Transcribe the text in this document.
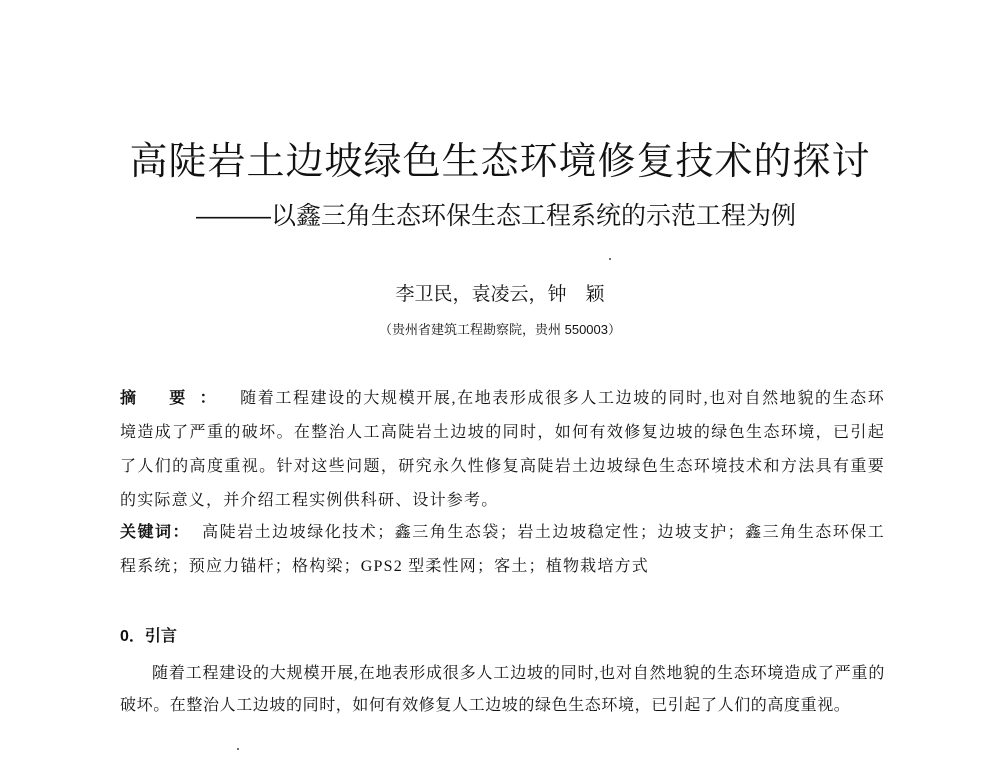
高陡岩土边坡绿色生态环境修复技术的探讨
———以鑫三角生态环保生态工程系统的示范工程为例
李卫民，袁凌云，钟　颖
（贵州省建筑工程勘察院，贵州 550003）
摘 要： 随着工程建设的大规模开展,在地表形成很多人工边坡的同时,也对自然地貌的生态环境造成了严重的破坏。在整治人工高陡岩土边坡的同时，如何有效修复边坡的绿色生态环境，已引起了人们的高度重视。针对这些问题，研究永久性修复高陡岩土边坡绿色生态环境技术和方法具有重要的实际意义，并介绍工程实例供科研、设计参考。
关键词： 高陡岩土边坡绿化技术；鑫三角生态袋；岩土边坡稳定性；边坡支护；鑫三角生态环保工程系统；预应力锚杆；格构梁；GPS2 型柔性网；客土；植物栽培方式
0．引言

随着工程建设的大规模开展,在地表形成很多人工边坡的同时,也对自然地貌的生态环境造成了严重的破坏。在整治人工边坡的同时，如何有效修复人工边坡的绿色生态环境，已引起了人们的高度重视。
